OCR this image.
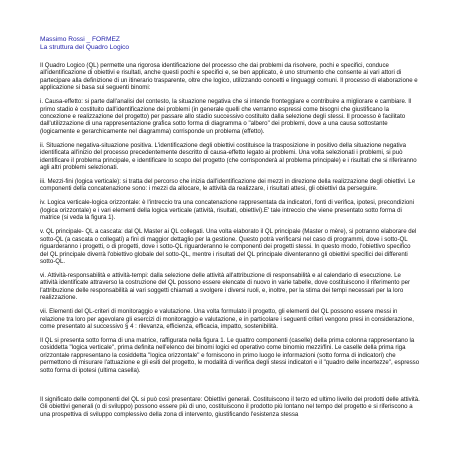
Massimo Rossi _ FORMEZ
La struttura del Quadro Logico

Il Quadro Logico (QL) permette una rigorosa identificazione del processo che dai problemi da risolvere, pochi e specifici, conduce all'identificazione di obiettivi e risultati, anche questi pochi e specifici e, se ben applicato, è uno strumento che consente ai vari attori di partecipare alla definizione di un itinerario trasparente, oltre che logico, utilizzando concetti e linguaggi comuni. Il processo di elaborazione e applicazione si basa sui seguenti binomi:

i. Causa-effetto: si parte dall'analisi del contesto, la situazione negativa che si intende fronteggiare e contribuire a migliorare e cambiare. Il primo stadio è costituito dall'identificazione dei problemi (in generale quelli che verranno espressi come bisogni che giustificano la concezione e realizzazione del progetto) per passare allo stadio successivo costituito dalla selezione degli stessi. Il processo è facilitato dall'utilizzazione di una rappresentazione grafica sotto forma di diagramma o "albero" dei problemi, dove a una causa sottostante (logicamente e gerarchicamente nel diagramma) corrisponde un problema (effetto).

ii. Situazione negativa-situazione positiva. L'identificazione degli obiettivi costituisce la trasposizione in positivo della situazione negativa identificata all'inizio del processo precedentemente descritto di causa-effetto legato ai problemi. Una volta selezionati i problemi, si può identificare il problema principale, e identificare lo scopo del progetto (che corrisponderà al problema principale) e i risultati che si riferiranno agli altri problemi selezionati.

iii. Mezzi-fini (logica verticale): si tratta del percorso che inizia dall'identificazione dei mezzi in direzione della realizzazione degli obiettivi. Le componenti della concatenazione sono: i mezzi da allocare, le attività da realizzare, i risultati attesi, gli obiettivi da perseguire.

iv. Logica verticale-logica orizzontale: è l'intreccio tra una concatenazione rappresentata da indicatori, fonti di verifica, ipotesi, precondizioni (logica orizzontale) e i vari elementi della logica verticale (attività, risultati, obiettivi).E' tale intreccio che viene presentato sotto forma di matrice (si veda la figura 1).

v. QL principale- QL a cascata: dal QL Master ai QL collegati. Una volta elaborato il QL principale (Master o mère), si potranno elaborare del sotto-QL (a cascata o collegati) a fini di maggior dettaglio per la gestione. Questo potrà verificarsi nel caso di programmi, dove i sotto-QL riguarderanno i progetti, o di progetti, dove i sotto-QL riguarderanno le componenti dei progetti stessi. In questo modo, l'obiettivo specifico del QL principale diverrà l'obiettivo globale del sotto-QL, mentre i risultati del QL principale diventeranno gli obiettivi specifici dei differenti sotto-QL.

vi. Attività-responsabilità e attività-tempi: dalla selezione delle attività all'attribuzione di responsabilità e al calendario di esecuzione. Le attività identificate attraverso la costruzione del QL possono essere elencate di nuovo in varie tabelle, dove costituiscono il riferimento per l'attribuzione delle responsabilità ai vari soggetti chiamati a svolgere i diversi ruoli, e, inoltre, per la stima dei tempi necessari per la loro realizzazione.

vii. Elementi del QL-criteri di monitoraggio e valutazione. Una volta formulato il progetto, gli elementi del QL possono essere messi in relazione tra loro per agevolare gli esercizi di monitoraggio e valutazione, e in particolare i seguenti criteri vengono presi in considerazione, come presentato al successivo § 4 : rilevanza, efficienza, efficacia, impatto, sostenibilità.

Il QL si presenta sotto forma di una matrice, raffigurata nella figura 1. Le quattro componenti (caselle) della prima colonna rappresentano la cosiddetta "logica verticale", prima definita nell'elenco dei binomi logici ed operativo come binomio mezzi/fini. Le caselle della prima riga orizzontale rappresentano la cosiddetta "logica orizzontale" e forniscono in primo luogo le informazioni (sotto forma di indicatori) che permettono di misurare l'attuazione e gli esiti del progetto, le modalità di verifica degli stessi indicatori e il "quadro delle incertezze", espresso sotto forma di ipotesi (ultima casella).

Il significato delle componenti del QL si può così presentare: Obiettivi generali. Costituiscono il terzo ed ultimo livello dei prodotti delle attività. Gli obiettivi generali (o di sviluppo) possono essere più di uno, costituiscono il prodotto più lontano nel tempo del progetto e si riferiscono a una prospettiva di sviluppo complessivo della zona di intervento, giustificando l'esistenza stessa
